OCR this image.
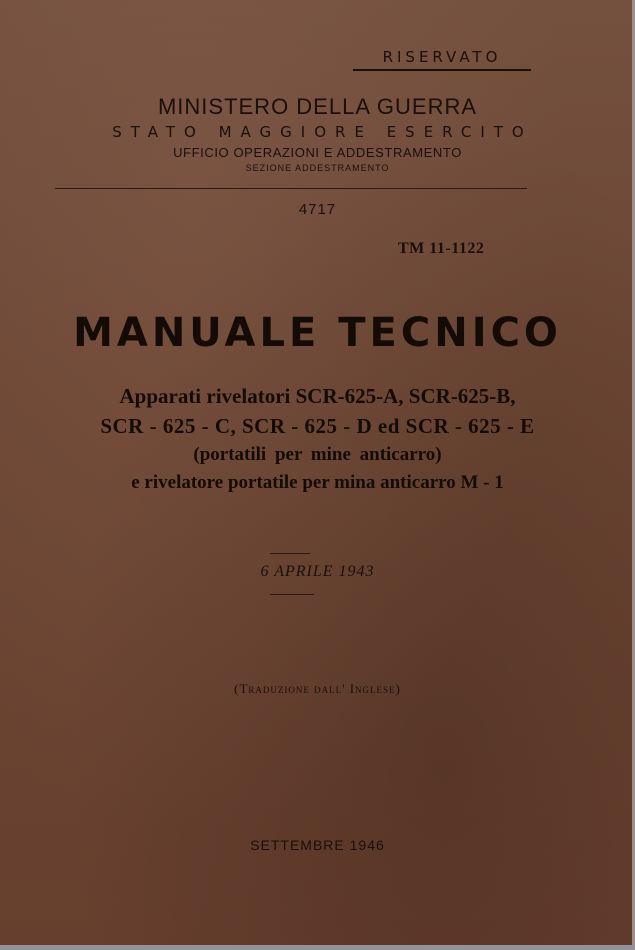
RISERVATO
MINISTERO DELLA GUERRA
STATO MAGGIORE ESERCITO
UFFICIO OPERAZIONI E ADDESTRAMENTO
SEZIONE ADDESTRAMENTO
4717
TM 11-1122
MANUALE TECNICO
Apparati rivelatori SCR-625-A, SCR-625-B,
SCR - 625 - C, SCR - 625 - D ed SCR - 625 - E
(portatili per mine anticarro)
e rivelatore portatile per mina anticarro M - 1
6 APRILE 1943
(Traduzione dall' Inglese)
SETTEMBRE 1946
